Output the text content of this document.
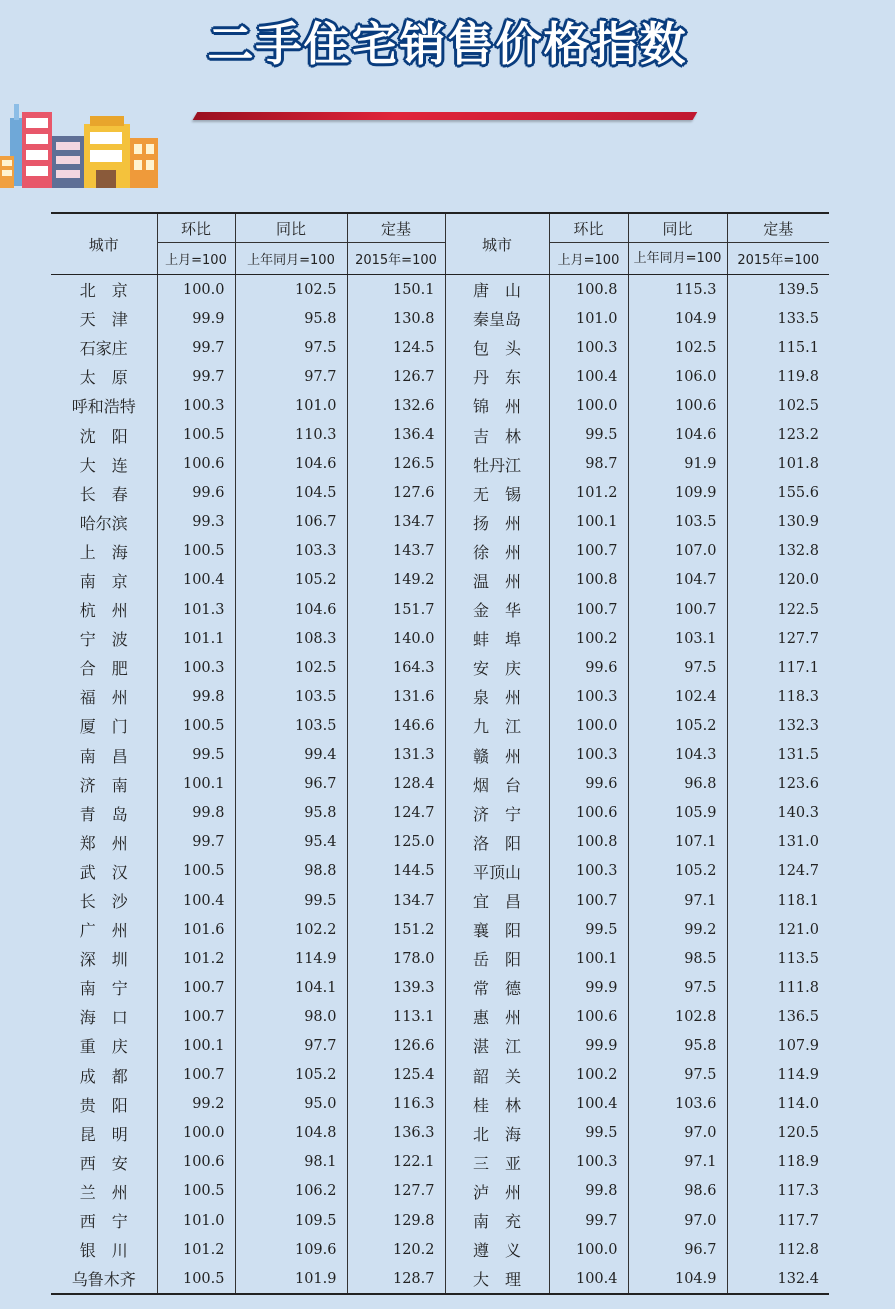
二手住宅销售价格指数
城市	环比	同比	定基	城市	环比	同比	定基
	上月=100	上年同月=100	2015年=100		上月=100	上年同月=100	2015年=100
北　京	100.0	102.5	150.1	唐　山	100.8	115.3	139.5
天　津	99.9	95.8	130.8	秦皇岛	101.0	104.9	133.5
石家庄	99.7	97.5	124.5	包　头	100.3	102.5	115.1
太　原	99.7	97.7	126.7	丹　东	100.4	106.0	119.8
呼和浩特	100.3	101.0	132.6	锦　州	100.0	100.6	102.5
沈　阳	100.5	110.3	136.4	吉　林	99.5	104.6	123.2
大　连	100.6	104.6	126.5	牡丹江	98.7	91.9	101.8
长　春	99.6	104.5	127.6	无　锡	101.2	109.9	155.6
哈尔滨	99.3	106.7	134.7	扬　州	100.1	103.5	130.9
上　海	100.5	103.3	143.7	徐　州	100.7	107.0	132.8
南　京	100.4	105.2	149.2	温　州	100.8	104.7	120.0
杭　州	101.3	104.6	151.7	金　华	100.7	100.7	122.5
宁　波	101.1	108.3	140.0	蚌　埠	100.2	103.1	127.7
合　肥	100.3	102.5	164.3	安　庆	99.6	97.5	117.1
福　州	99.8	103.5	131.6	泉　州	100.3	102.4	118.3
厦　门	100.5	103.5	146.6	九　江	100.0	105.2	132.3
南　昌	99.5	99.4	131.3	赣　州	100.3	104.3	131.5
济　南	100.1	96.7	128.4	烟　台	99.6	96.8	123.6
青　岛	99.8	95.8	124.7	济　宁	100.6	105.9	140.3
郑　州	99.7	95.4	125.0	洛　阳	100.8	107.1	131.0
武　汉	100.5	98.8	144.5	平顶山	100.3	105.2	124.7
长　沙	100.4	99.5	134.7	宜　昌	100.7	97.1	118.1
广　州	101.6	102.2	151.2	襄　阳	99.5	99.2	121.0
深　圳	101.2	114.9	178.0	岳　阳	100.1	98.5	113.5
南　宁	100.7	104.1	139.3	常　德	99.9	97.5	111.8
海　口	100.7	98.0	113.1	惠　州	100.6	102.8	136.5
重　庆	100.1	97.7	126.6	湛　江	99.9	95.8	107.9
成　都	100.7	105.2	125.4	韶　关	100.2	97.5	114.9
贵　阳	99.2	95.0	116.3	桂　林	100.4	103.6	114.0
昆　明	100.0	104.8	136.3	北　海	99.5	97.0	120.5
西　安	100.6	98.1	122.1	三　亚	100.3	97.1	118.9
兰　州	100.5	106.2	127.7	泸　州	99.8	98.6	117.3
西　宁	101.0	109.5	129.8	南　充	99.7	97.0	117.7
银　川	101.2	109.6	120.2	遵　义	100.0	96.7	112.8
乌鲁木齐	100.5	101.9	128.7	大　理	100.4	104.9	132.4
